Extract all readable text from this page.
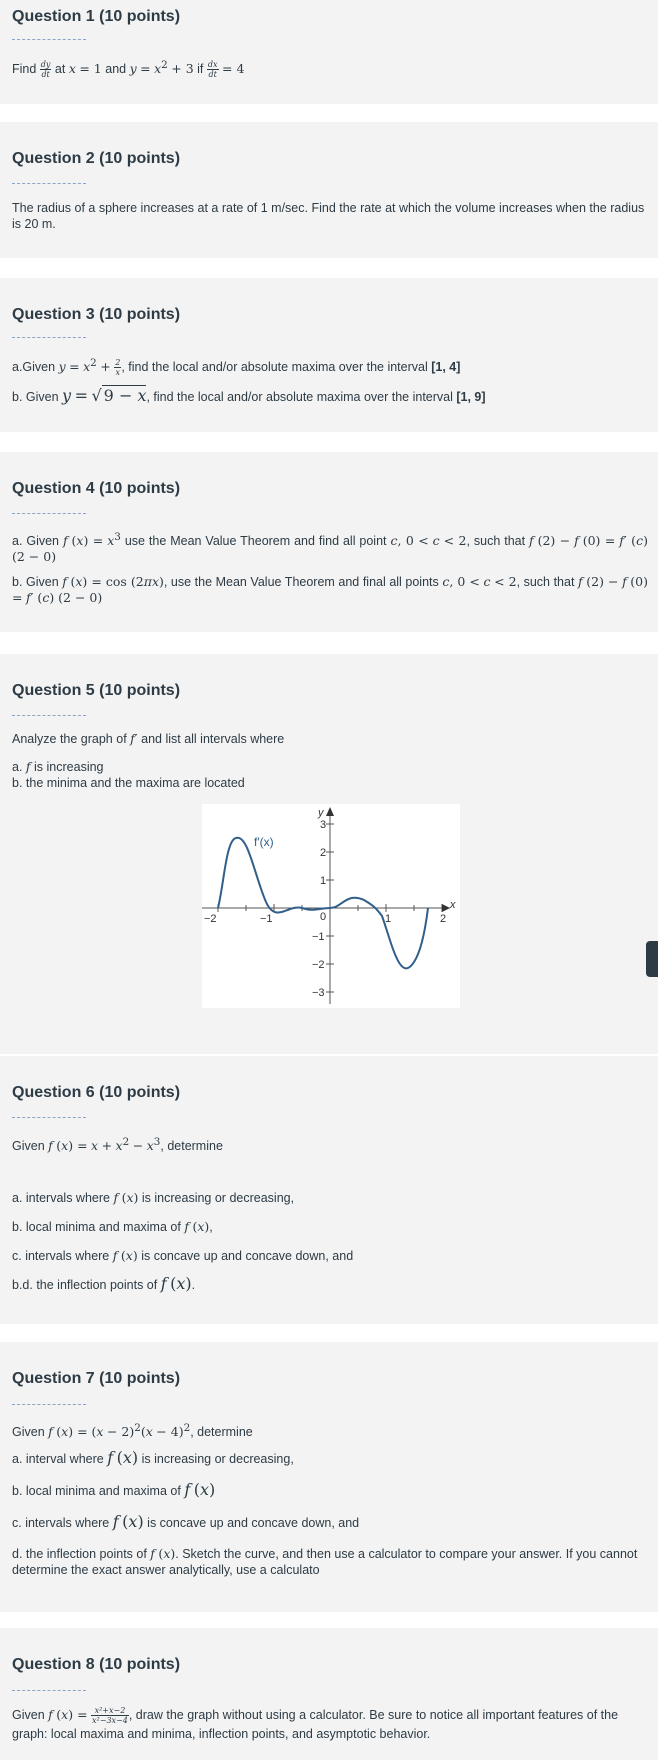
Question 1 (10 points)
Find $\frac{dy}{dt}$ at x = 1 and $y = x^2 + 3$ if $\frac{dx}{dt} = 4$
Question 2 (10 points)
The radius of a sphere increases at a rate of 1 m/sec. Find the rate at which the volume increases when the radius is 20 m.
Question 3 (10 points)
a.Given $y = x^2 + \frac{2}{x}$ , find the local and/or absolute maxima over the interval [1, 4]
b. Given y = √ 9 − x, find the local and/or absolute maxima over the interval [1, 9]
Question 4 (10 points)
a. Given f $(x) = x^3$ use the Mean Value Theorem and find all point c, 0 < c < 2, such that f (2) − f (0) = f′ (c) (2 − 0)
b. Given f (x) = cos (2πx), use the Mean Value Theorem and final all points c, 0 < c < 2, such that f (2) − f (0) = f′ (c) (2 − 0)
Question 5 (10 points)
Analyze the graph of f′ and list all intervals where
a. f is increasing
b. the minima and the maxima are located
f′(x)
x
y
−2	−1	0	1	2
3
2
1
−1
−2
−3
Question 6 (10 points)
Given f $(x) = x + x^2 - x^3$, determine
a. intervals where f (x) is increasing or decreasing,
b. local minima and maxima of f (x),
c. intervals where f (x) is concave up and concave down, and
b.d. the inflection points of f (x).
Question 7 (10 points)
Given f $(x) = (x - 2)^2(x - 4)^2$, determine
a. interval where f (x) is increasing or decreasing,
b. local minima and maxima of f (x)
c. intervals where f (x) is concave up and concave down, and
d. the inflection points of f (x). Sketch the curve, and then use a calculator to compare your answer. If you cannot determine the exact answer analytically, use a calculato
Question 8 (10 points)
Given f $(x) = \frac{\text{x²+x−2}}{\text{x²−3x−4}}$ , draw the graph without using a calculator. Be sure to notice all important features of the graph: local maxima and minima, inflection points, and asymptotic behavior.
